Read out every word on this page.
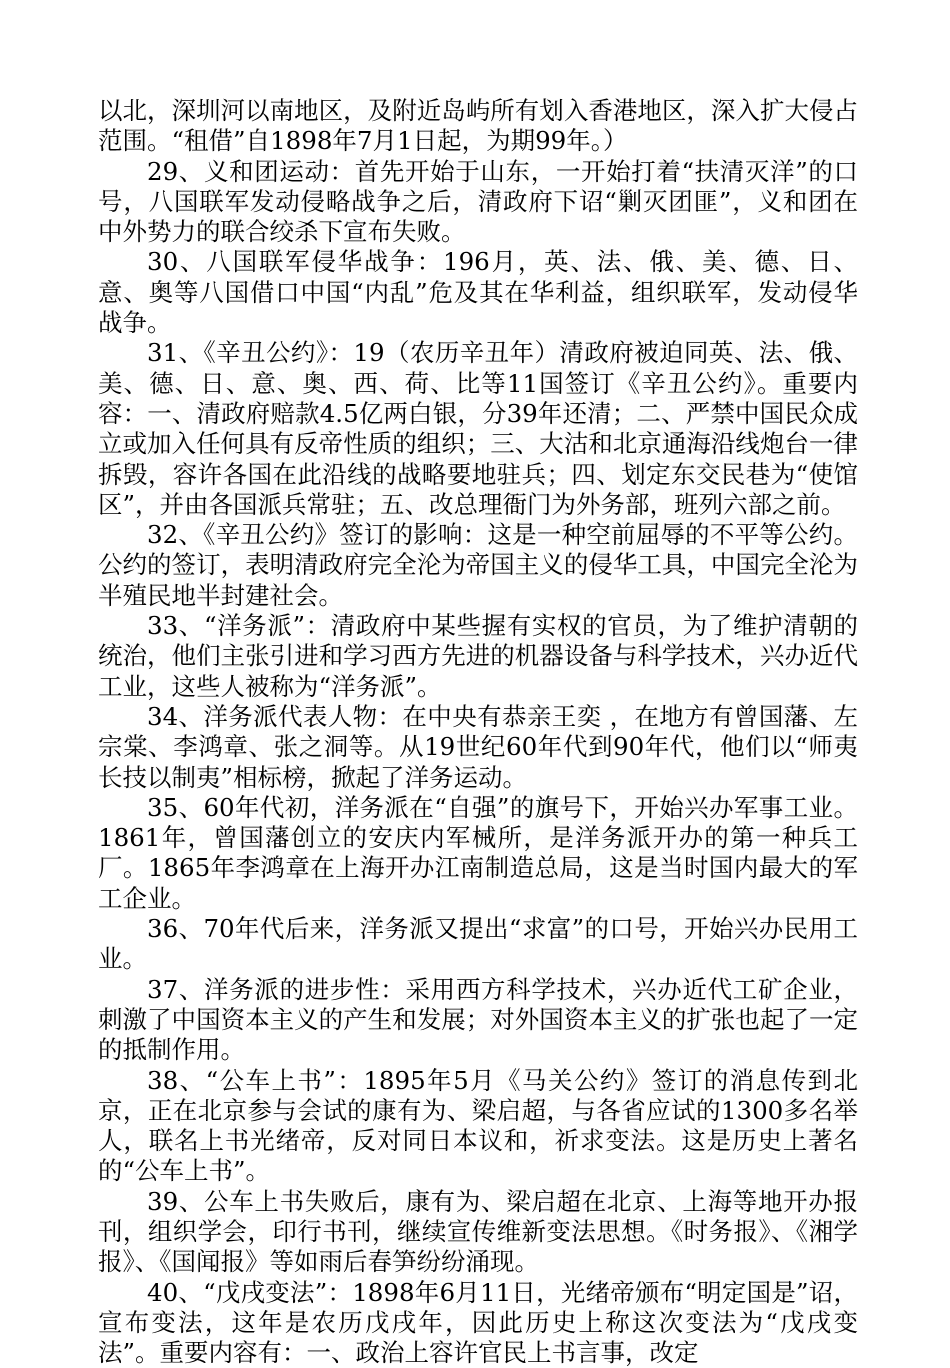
以北，深圳河以南地区，及附近岛屿所有划入香港地区，深入扩大侵占范围。“租借”自1898年7月1日起，为期99年。）

29、义和团运动：首先开始于山东，一开始打着“扶清灭洋”的口号，八国联军发动侵略战争之后，清政府下诏“剿灭团匪”，义和团在中外势力的联合绞杀下宣布失败。

30、八国联军侵华战争：196月，英、法、俄、美、德、日、意、奥等八国借口中国“内乱”危及其在华利益，组织联军，发动侵华战争。

31、《辛丑公约》：19（农历辛丑年）清政府被迫同英、法、俄、美、德、日、意、奥、西、荷、比等11国签订《辛丑公约》。重要内容：一、清政府赔款4.5亿两白银，分39年还清；二、严禁中国民众成立或加入任何具有反帝性质的组织；三、大沽和北京通海沿线炮台一律拆毁，容许各国在此沿线的战略要地驻兵；四、划定东交民巷为“使馆区”，并由各国派兵常驻；五、改总理衙门为外务部，班列六部之前。

32、《辛丑公约》签订的影响：这是一种空前屈辱的不平等公约。公约的签订，表明清政府完全沦为帝国主义的侵华工具，中国完全沦为半殖民地半封建社会。

33、“洋务派”：清政府中某些握有实权的官员，为了维护清朝的统治，他们主张引进和学习西方先进的机器设备与科学技术，兴办近代工业，这些人被称为“洋务派”。

34、洋务派代表人物：在中央有恭亲王奕 ，在地方有曾国藩、左宗棠、李鸿章、张之洞等。从19世纪60年代到90年代，他们以“师夷长技以制夷”相标榜，掀起了洋务运动。

35、60年代初，洋务派在“自强”的旗号下，开始兴办军事工业。1861年，曾国藩创立的安庆内军械所，是洋务派开办的第一种兵工厂。1865年李鸿章在上海开办江南制造总局，这是当时国内最大的军工企业。

36、70年代后来，洋务派又提出“求富”的口号，开始兴办民用工业。

37、洋务派的进步性：采用西方科学技术，兴办近代工矿企业，刺激了中国资本主义的产生和发展；对外国资本主义的扩张也起了一定的抵制作用。

38、“公车上书”：1895年5月《马关公约》签订的消息传到北京，正在北京参与会试的康有为、梁启超，与各省应试的1300多名举人，联名上书光绪帝，反对同日本议和，祈求变法。这是历史上著名的“公车上书”。

39、公车上书失败后，康有为、梁启超在北京、上海等地开办报刊，组织学会，印行书刊，继续宣传维新变法思想。《时务报》、《湘学报》、《国闻报》等如雨后春笋纷纷涌现。

40、“戊戌变法”：1898年6月11日，光绪帝颁布“明定国是”诏，宣布变法，这年是农历戊戌年，因此历史上称这次变法为“戊戌变法”。重要内容有：一、政治上容许官民上书言事，改定
